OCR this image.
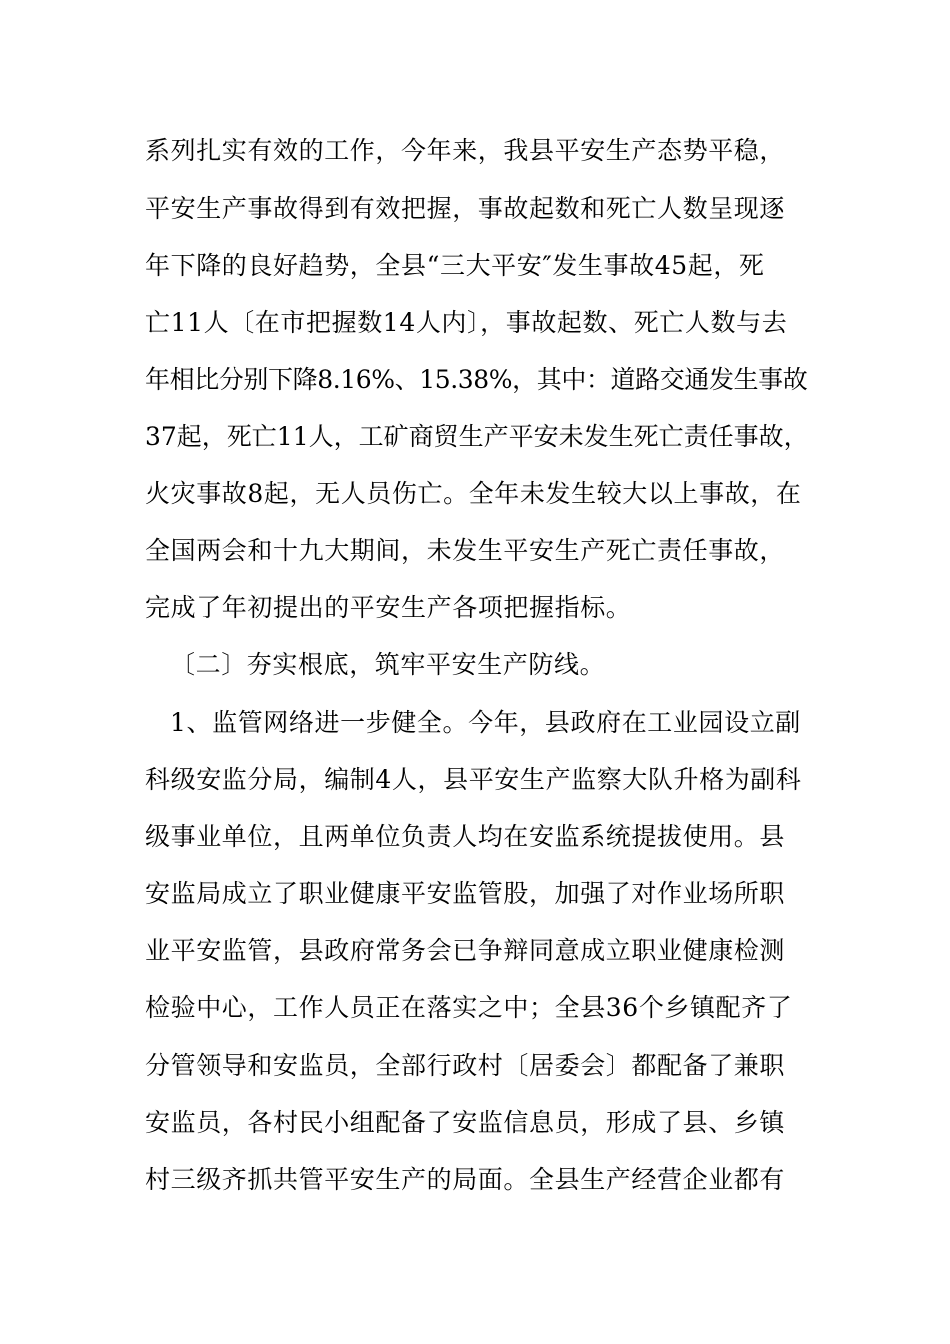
系列扎实有效的工作，今年来，我县平安生产态势平稳，
平安生产事故得到有效把握，事故起数和死亡人数呈现逐
年下降的良好趋势，全县“三大平安″发生事故45起，死
亡11人〔在市把握数14人内〕，事故起数、死亡人数与去
年相比分别下降8.16%、15.38%，其中：道路交通发生事故
37起，死亡11人，工矿商贸生产平安未发生死亡责任事故，
火灾事故8起，无人员伤亡。全年未发生较大以上事故，在
全国两会和十九大期间，未发生平安生产死亡责任事故，
完成了年初提出的平安生产各项把握指标。
〔二〕夯实根底，筑牢平安生产防线。
1、监管网络进一步健全。今年，县政府在工业园设立副
科级安监分局，编制4人，县平安生产监察大队升格为副科
级事业单位，且两单位负责人均在安监系统提拔使用。县
安监局成立了职业健康平安监管股，加强了对作业场所职
业平安监管，县政府常务会已争辩同意成立职业健康检测
检验中心，工作人员正在落实之中；全县36个乡镇配齐了
分管领导和安监员，全部行政村〔居委会〕都配备了兼职
安监员，各村民小组配备了安监信息员，形成了县、乡镇
村三级齐抓共管平安生产的局面。全县生产经营企业都有
